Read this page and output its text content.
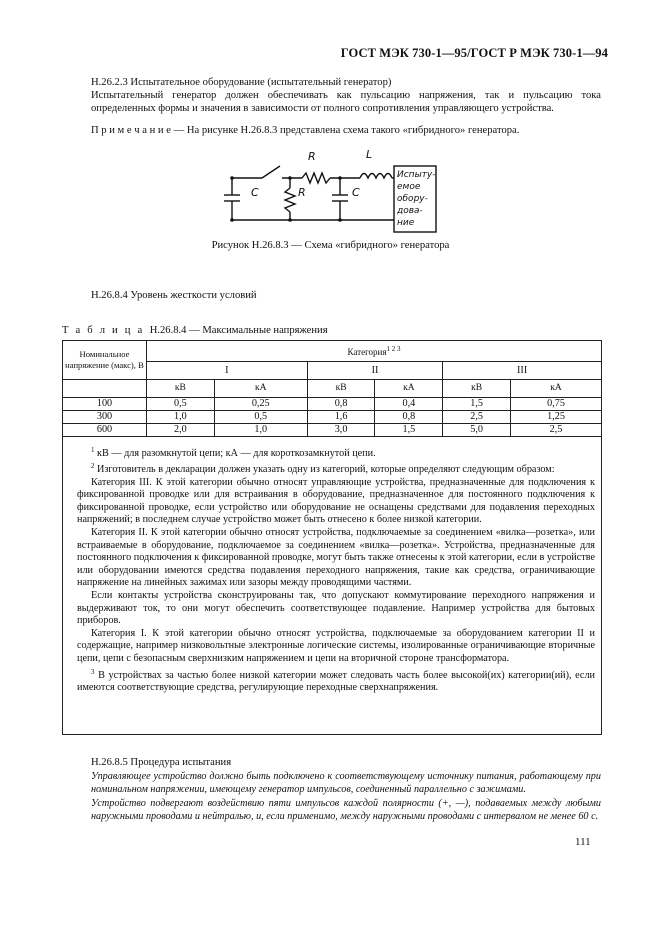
ГОСТ МЭК 730-1—95/ГОСТ Р МЭК 730-1—94
Н.26.2.3 Испытательное оборудование (испытательный генератор)
Испытательный генератор должен обеспечивать как пульсацию напряжения, так и пульсацию тока определенных формы и значения в зависимости от полного сопротивления управляющего устройства.
П р и м е ч а н и е — На рисунке Н.26.8.3 представлена схема такого «гибридного» генератора.
R	L
C	R	C
Испыту-
емое
обору-
дова-
ние
Рисунок Н.26.8.3 — Схема «гибридного» генератора
Н.26.8.4 Уровень жесткости условий
Т а б л и ц а Н.26.8.4 — Максимальные напряжения
Номинальное напряжение (макс), В	Категория$^{1 2 3}$
	I		II		III	
	кВ	кА	кВ	кА	кВ	кА
100	0,5	0,25	0,8	0,4	1,5	0,75
300	1,0	0,5	1,6	0,8	2,5	1,25
600	2,0	1,0	3,0	1,5	5,0	2,5
$^1$ кВ — для разомкнутой цепи; кА — для короткозамкнутой цепи.
$^2$ Изготовитель в декларации должен указать одну из категорий, которые определяют следующим образом:
Категория III. К этой категории обычно относят управляющие устройства, предназначенные для подключения к фиксированной проводке или для встраивания в оборудование, предназначенное для постоянного подключения к фиксированной проводке, если устройство или оборудование не оснащены средствами для подавления переходных напряжений; в последнем случае устройство может быть отнесено к более низкой категории.
Категория II. К этой категории обычно относят устройства, подключаемые за соединением «вилка—розетка», или встраиваемые в оборудование, подключаемое за соединением «вилка—розетка». Устройства, предназначенные для постоянного подключения к фиксированной проводке, могут быть также отнесены к этой категории, если в устройстве или оборудовании имеются средства подавления переходного напряжения, такие как средства, ограничивающие напряжение на линейных зажимах или зазоры между проводящими частями.
Если контакты устройства сконструированы так, что допускают коммутирование переходного напряжения и выдерживают ток, то они могут обеспечить соответствующее подавление. Например устройства для бытовых приборов.
Категория I. К этой категории обычно относят устройства, подключаемые за оборудованием категории II и содержащие, например низковольтные электронные логические системы, изолированные ограничивающие вторичные цепи, цепи с безопасным сверхнизким напряжением и цепи на вторичной стороне трансформатора.
$^3$ В устройствах за частью более низкой категории может следовать часть более высокой(их) категории(ий), если имеются соответствующие средства, регулирующие переходные сверхнапряжения.
Н.26.8.5 Процедура испытания
Управляющее устройство должно быть подключено к соответствующему источнику питания, работающему при номинальном напряжении, имеющему генератор импульсов, соединенный параллельно с зажимами.
Устройство подвергают воздействию пяти импульсов каждой полярности (+, —), подаваемых между любыми наружными проводами и нейтралью, и, если применимо, между наружными проводами с интервалом не менее 60 с.
111
